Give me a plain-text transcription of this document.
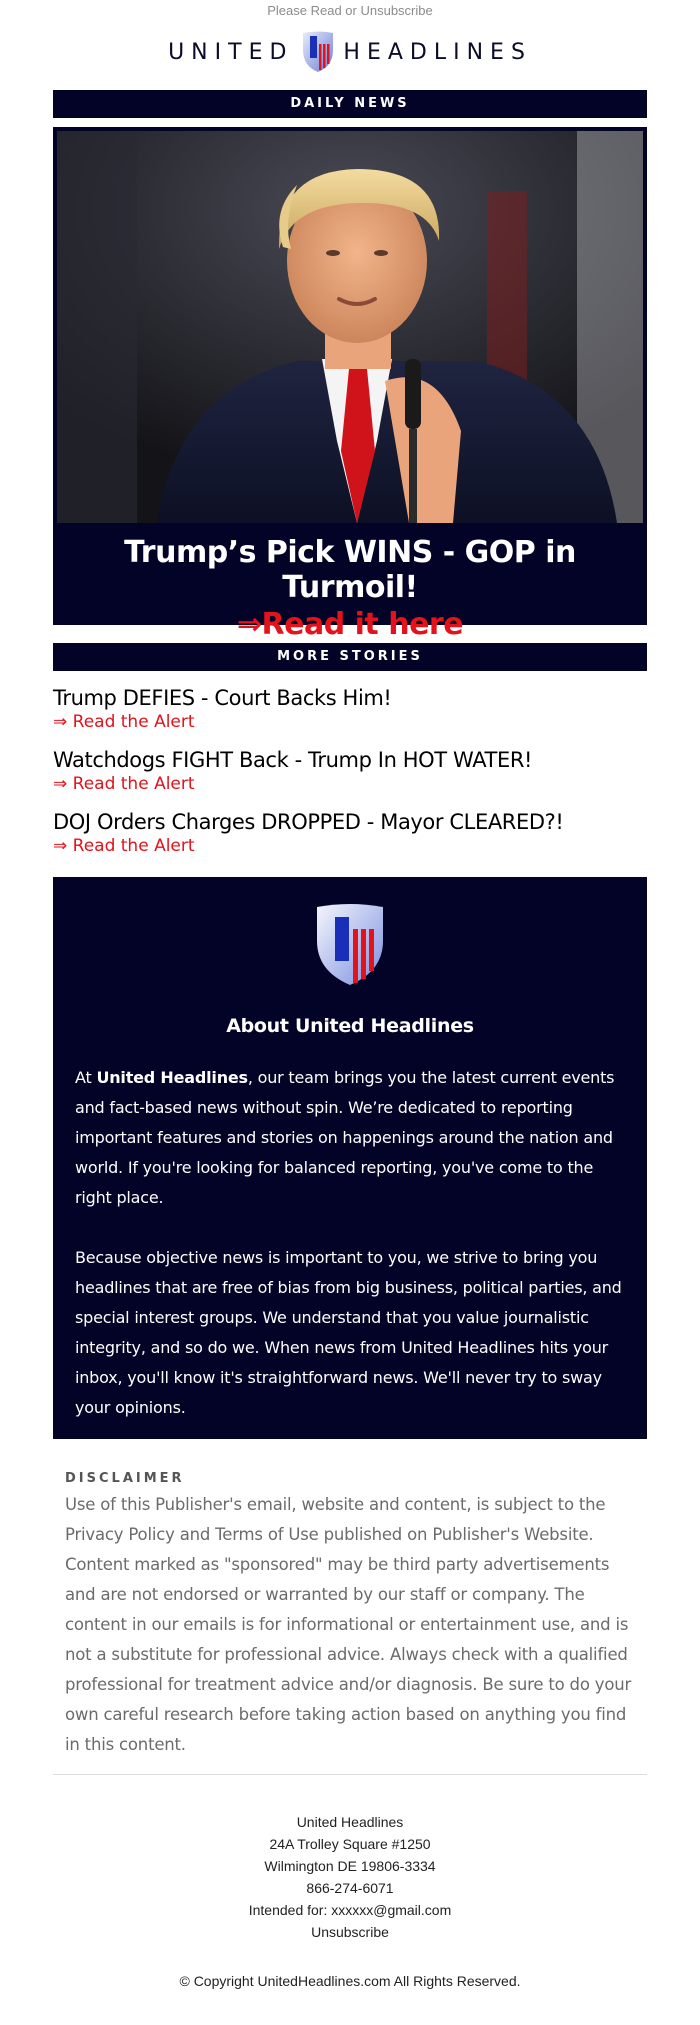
Please Read or Unsubscribe
UNITED HEADLINES
DAILY NEWS
Trump’s Pick WINS - GOP in Turmoil!
⇒Read it here
MORE STORIES
Trump DEFIES - Court Backs Him!
⇒ Read the Alert
Watchdogs FIGHT Back - Trump In HOT WATER!
⇒ Read the Alert
DOJ Orders Charges DROPPED - Mayor CLEARED?!
⇒ Read the Alert
About United Headlines

At United Headlines, our team brings you the latest current events and fact-based news without spin. We’re dedicated to reporting important features and stories on happenings around the nation and world. If you're looking for balanced reporting, you've come to the right place.

Because objective news is important to you, we strive to bring you headlines that are free of bias from big business, political parties, and special interest groups. We understand that you value journalistic integrity, and so do we. When news from United Headlines hits your inbox, you'll know it's straightforward news. We'll never try to sway your opinions.

DISCLAIMER
Use of this Publisher's email, website and content, is subject to the Privacy Policy and Terms of Use published on Publisher's Website. Content marked as "sponsored" may be third party advertisements and are not endorsed or warranted by our staff or company. The content in our emails is for informational or entertainment use, and is not a substitute for professional advice. Always check with a qualified professional for treatment advice and/or diagnosis. Be sure to do your own careful research before taking action based on anything you find in this content.
United Headlines
24A Trolley Square #1250
Wilmington DE 19806-3334
866-274-6071
Intended for: xxxxxx@gmail.com
Unsubscribe
© Copyright UnitedHeadlines.com All Rights Reserved.
